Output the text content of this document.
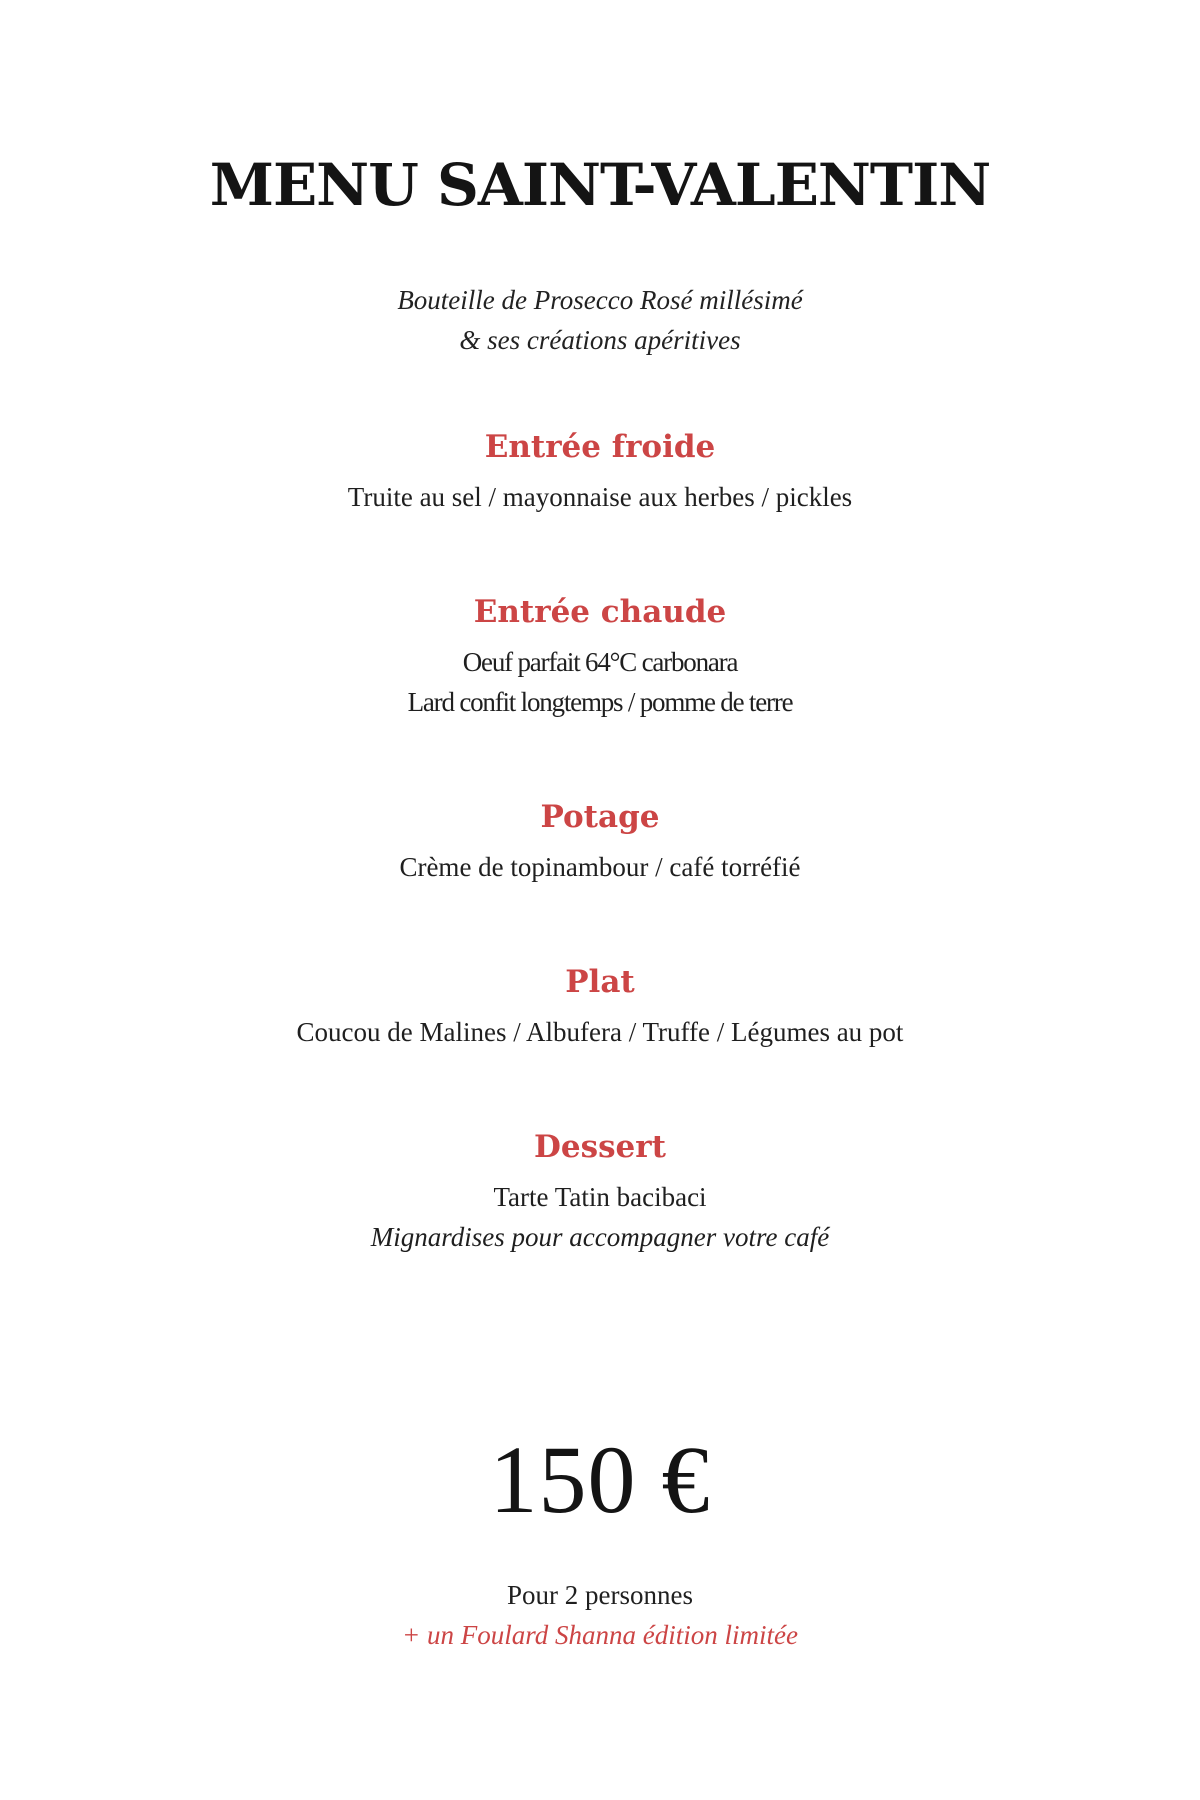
MENU SAINT-VALENTIN
Bouteille de Prosecco Rosé millésimé
& ses créations apéritives
Entrée froide
Truite au sel / mayonnaise aux herbes / pickles
Entrée chaude
Oeuf parfait 64°C carbonara
Lard confit longtemps / pomme de terre
Potage
Crème de topinambour / café torréfié
Plat
Coucou de Malines / Albufera / Truffe / Légumes au pot
Dessert
Tarte Tatin bacibaci
Mignardises pour accompagner votre café
150 €
Pour 2 personnes
+ un Foulard Shanna édition limitée
